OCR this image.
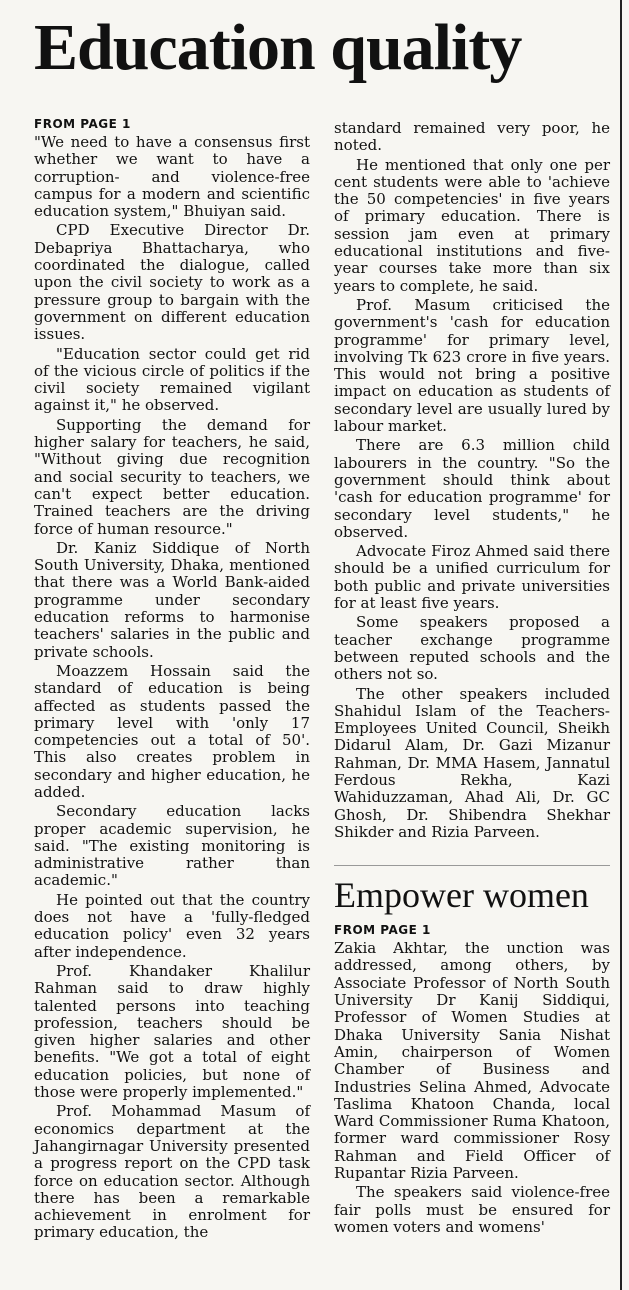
Education quality
FROM PAGE 1

"We need to have a consensus first whether we want to have a corruption- and violence-free campus for a modern and scientific education system," Bhuiyan said.

CPD Executive Director Dr. Debapriya Bhattacharya, who coordinated the dialogue, called upon the civil society to work as a pressure group to bargain with the government on different education issues.

"Education sector could get rid of the vicious circle of politics if the civil society remained vigilant against it," he observed.

Supporting the demand for higher salary for teachers, he said, "Without giving due recognition and social security to teachers, we can't expect better education. Trained teachers are the driving force of human resource."

Dr. Kaniz Siddique of North South University, Dhaka, mentioned that there was a World Bank-aided programme under secondary education reforms to harmonise teachers' salaries in the public and private schools.

Moazzem Hossain said the standard of education is being affected as students passed the primary level with 'only 17 competencies out a total of 50'. This also creates problem in secondary and higher education, he added.

Secondary education lacks proper academic supervision, he said. "The existing monitoring is administrative rather than academic."

He pointed out that the country does not have a 'fully-fledged education policy' even 32 years after independence.

Prof. Khandaker Khalilur Rahman said to draw highly talented persons into teaching profession, teachers should be given higher salaries and other benefits. "We got a total of eight education policies, but none of those were properly implemented."

Prof. Mohammad Masum of economics department at the Jahangirnagar University presented a progress report on the CPD task force on education sector. Although there has been a remarkable achievement in enrolment for primary education, the

standard remained very poor, he noted.

He mentioned that only one per cent students were able to 'achieve the 50 competencies' in five years of primary education. There is session jam even at primary educational institutions and five-year courses take more than six years to complete, he said.

Prof. Masum criticised the government's 'cash for education programme' for primary level, involving Tk 623 crore in five years. This would not bring a positive impact on education as students of secondary level are usually lured by labour market.

There are 6.3 million child labourers in the country. "So the government should think about 'cash for education programme' for secondary level students," he observed.

Advocate Firoz Ahmed said there should be a unified curriculum for both public and private universities for at least five years.

Some speakers proposed a teacher exchange programme between reputed schools and the others not so.

The other speakers included Shahidul Islam of the Teachers-Employees United Council, Sheikh Didarul Alam, Dr. Gazi Mizanur Rahman, Dr. MMA Hasem, Jannatul Ferdous Rekha, Kazi Wahiduzzaman, Ahad Ali, Dr. GC Ghosh, Dr. Shibendra Shekhar Shikder and Rizia Parveen.

Empower women
FROM PAGE 1

Zakia Akhtar, the unction was addressed, among others, by Associate Professor of North South University Dr Kanij Siddiqui, Professor of Women Studies at Dhaka University Sania Nishat Amin, chairperson of Women Chamber of Business and Industries Selina Ahmed, Advocate Taslima Khatoon Chanda, local Ward Commissioner Ruma Khatoon, former ward commissioner Rosy Rahman and Field Officer of Rupantar Rizia Parveen.

The speakers said violence-free fair polls must be ensured for women voters and womens'
